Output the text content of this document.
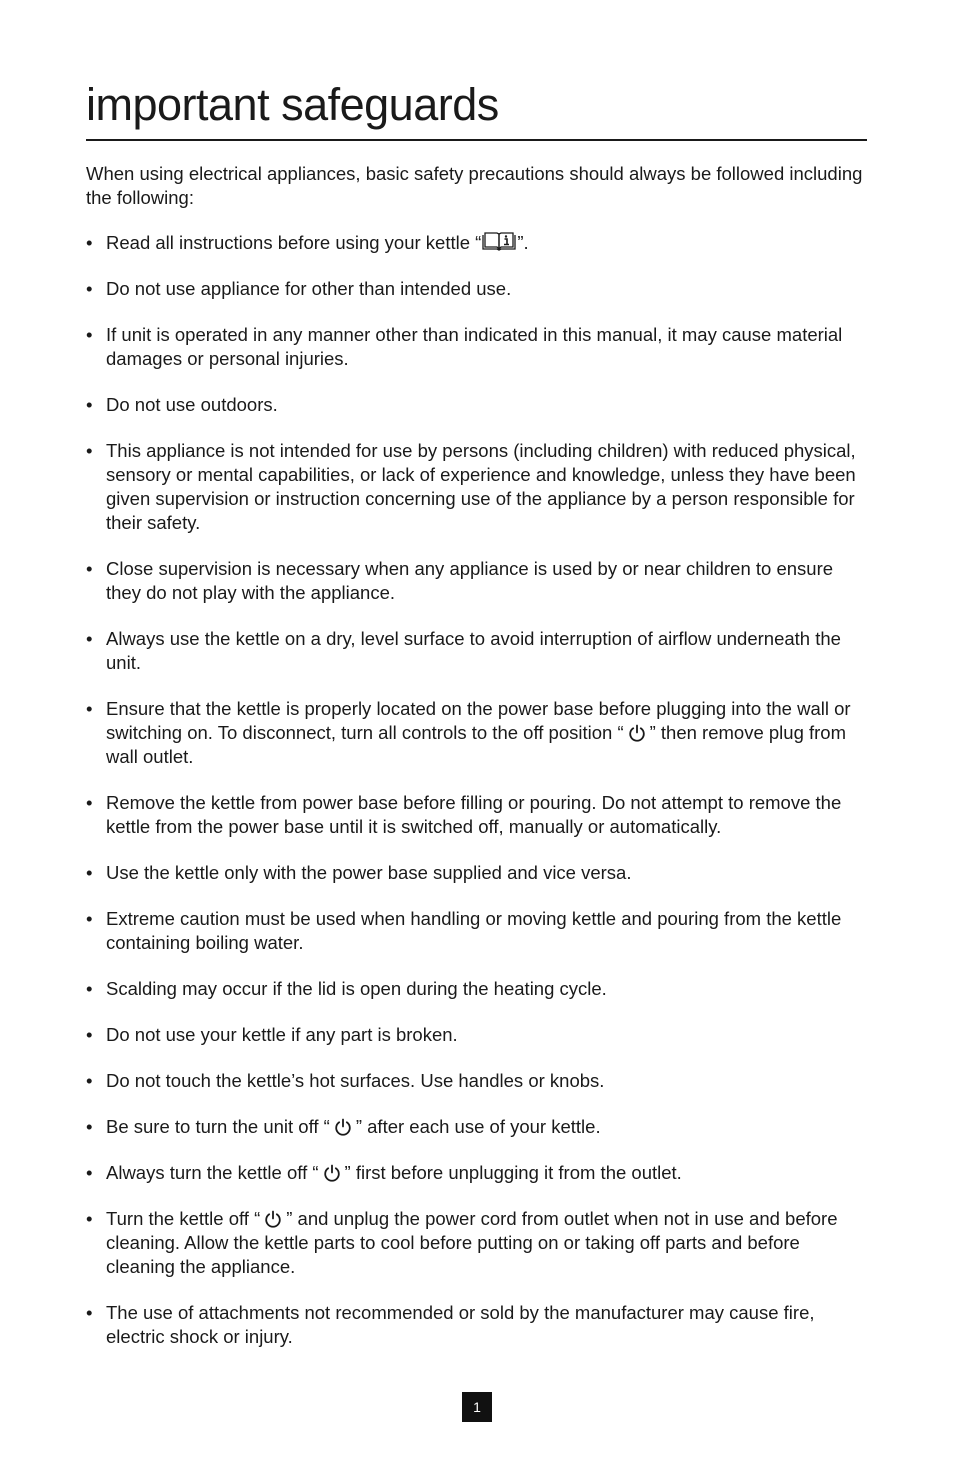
important safeguards

When using electrical appliances, basic safety precautions should always be followed including the following:

• Read all instructions before using your kettle “ ”.
• Do not use appliance for other than intended use.
• If unit is operated in any manner other than indicated in this manual, it may cause material damages or personal injuries.
• Do not use outdoors.
• This appliance is not intended for use by persons (including children) with reduced physical, sensory or mental capabilities, or lack of experience and knowledge, unless they have been given supervision or instruction concerning use of the appliance by a person responsible for their safety.
• Close supervision is necessary when any appliance is used by or near children to ensure they do not play with the appliance.
• Always use the kettle on a dry, level surface to avoid interruption of airflow underneath the unit.
• Ensure that the kettle is properly located on the power base before plugging into the wall or switching on. To disconnect, turn all controls to the off position “ ” then remove plug from wall outlet.
• Remove the kettle from power base before filling or pouring. Do not attempt to remove the kettle from the power base until it is switched off, manually or automatically.
• Use the kettle only with the power base supplied and vice versa.
• Extreme caution must be used when handling or moving kettle and pouring from the kettle containing boiling water.
• Scalding may occur if the lid is open during the heating cycle.
• Do not use your kettle if any part is broken.
• Do not touch the kettle’s hot surfaces. Use handles or knobs.
• Be sure to turn the unit off “ ” after each use of your kettle.
• Always turn the kettle off “ ” first before unplugging it from the outlet.
• Turn the kettle off “ ” and unplug the power cord from outlet when not in use and before cleaning. Allow the kettle parts to cool before putting on or taking off parts and before cleaning the appliance.
• The use of attachments not recommended or sold by the manufacturer may cause fire, electric shock or injury.
1
